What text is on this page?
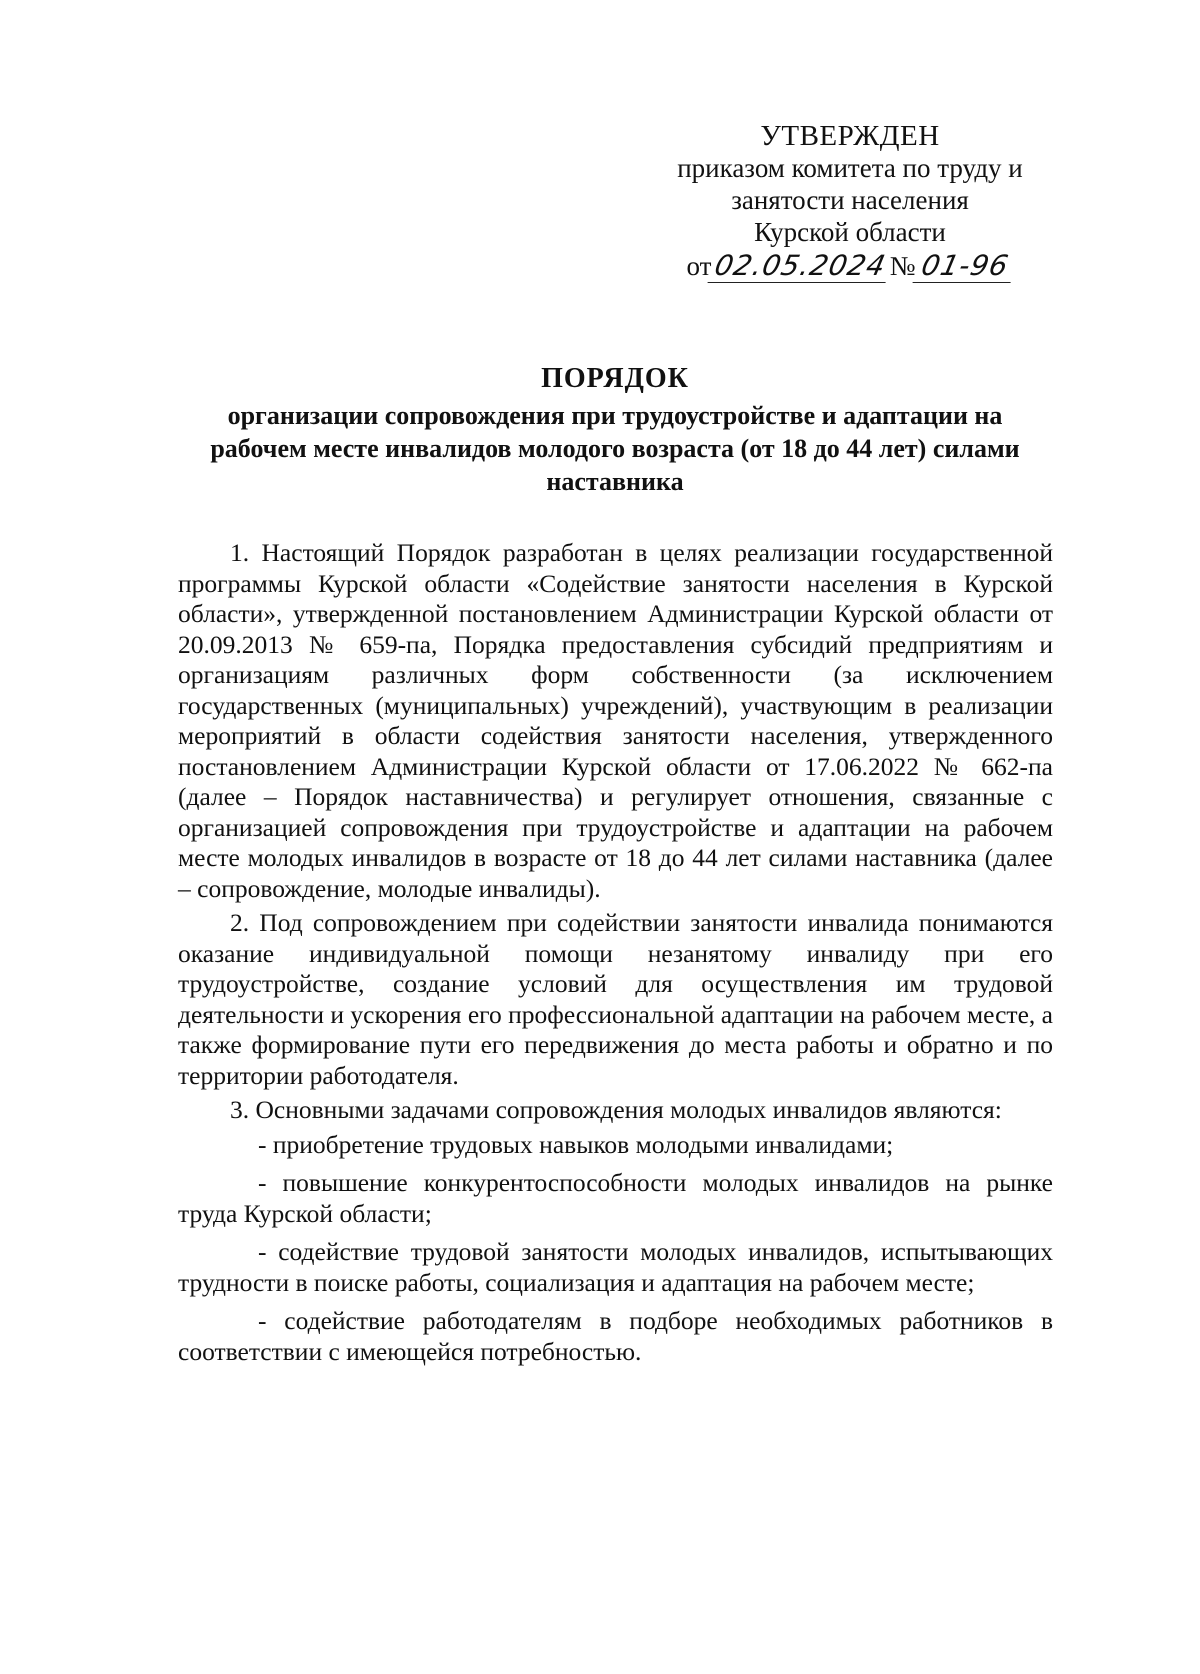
УТВЕРЖДЕН
приказом комитета по труду и
занятости населения
Курской области
от02.05.2024№01-96
ПОРЯДОК
организации сопровождения при трудоустройстве и адаптации на
рабочем месте инвалидов молодого возраста (от 18 до 44 лет) силами
наставника

1. Настоящий Порядок разработан в целях реализации государственной программы Курской области «Содействие занятости населения в Курской области», утвержденной постановлением Администрации Курской области от 20.09.2013 № 659-па, Порядка предоставления субсидий предприятиям и организациям различных форм собственности (за исключением государственных (муниципальных) учреждений), участвующим в реализации мероприятий в области содействия занятости населения, утвержденного постановлением Администрации Курской области от 17.06.2022 № 662-па (далее – Порядок наставничества) и регулирует отношения, связанные с организацией сопровождения при трудоустройстве и адаптации на рабочем месте молодых инвалидов в возрасте от 18 до 44 лет силами наставника (далее – сопровождение, молодые инвалиды).

2. Под сопровождением при содействии занятости инвалида понимаются оказание индивидуальной помощи незанятому инвалиду при его трудоустройстве, создание условий для осуществления им трудовой деятельности и ускорения его профессиональной адаптации на рабочем месте, а также формирование пути его передвижения до места работы и обратно и по территории работодателя.

3. Основными задачами сопровождения молодых инвалидов являются:

- приобретение трудовых навыков молодыми инвалидами;

- повышение конкурентоспособности молодых инвалидов на рынке труда Курской области;

- содействие трудовой занятости молодых инвалидов, испытывающих трудности в поиске работы, социализация и адаптация на рабочем месте;

- содействие работодателям в подборе необходимых работников в соответствии с имеющейся потребностью.
